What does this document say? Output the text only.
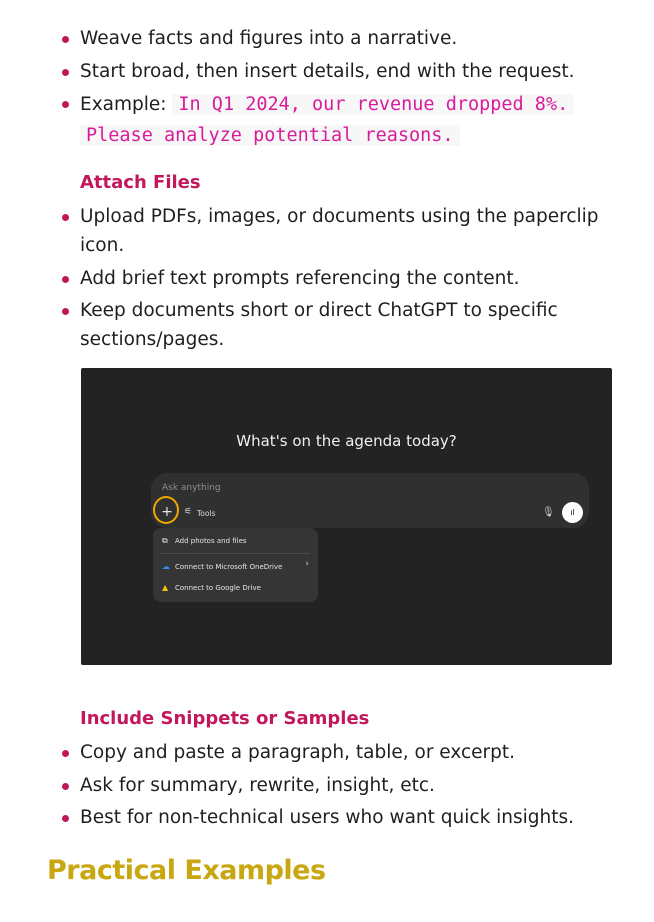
Weave facts and figures into a narrative.
Start broad, then insert details, end with the request.
Example: In Q1 2024, our revenue dropped 8%.
Please analyze potential reasons.
Attach Files
Upload PDFs, images, or documents using the paperclip icon.
Add brief text prompts referencing the content.
Keep documents short or direct ChatGPT to specific sections/pages.
What's on the agenda today?
Ask anything
+ ⚟ Tools	🎙	ıl
⧉ Add photos and files
☁ Connect to Microsoft OneDrive	›
▲ Connect to Google Drive
Include Snippets or Samples
Copy and paste a paragraph, table, or excerpt.
Ask for summary, rewrite, insight, etc.
Best for non-technical users who want quick insights.
Practical Examples
